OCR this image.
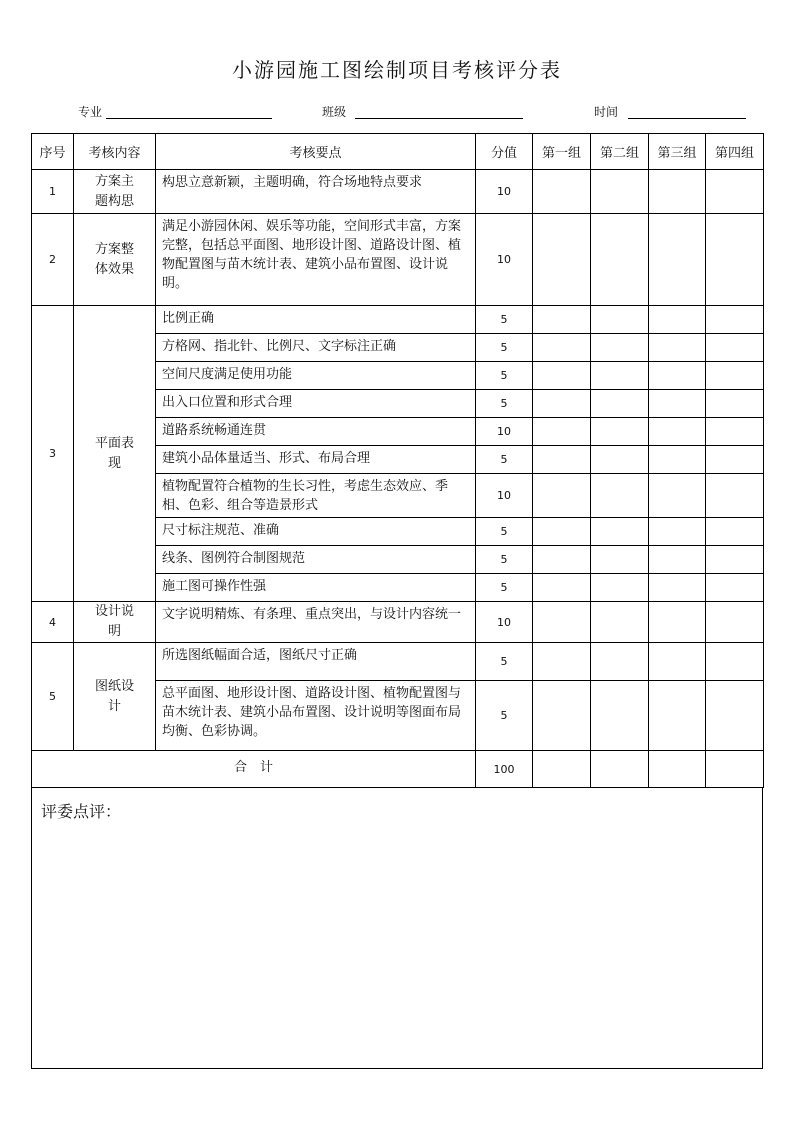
小游园施工图绘制项目考核评分表
专业	班级	时间
序号	考核内容	考核要点	分值	第一组	第二组	第三组	第四组
1	方案主题构思	构思立意新颖，主题明确，符合场地特点要求	10				
2	方案整体效果	满足小游园休闲、娱乐等功能，空间形式丰富，方案完整，包括总平面图、地形设计图、道路设计图、植物配置图与苗木统计表、建筑小品布置图、设计说明。	10				
3	平面表现	比例正确	5				
		方格网、指北针、比例尺、文字标注正确	5				
		空间尺度满足使用功能	5				
		出入口位置和形式合理	5				
		道路系统畅通连贯	10				
		建筑小品体量适当、形式、布局合理	5				
		植物配置符合植物的生长习性，考虑生态效应、季相、色彩、组合等造景形式	10				
		尺寸标注规范、准确	5				
		线条、图例符合制图规范	5				
		施工图可操作性强	5				
4	设计说明	文字说明精炼、有条理、重点突出，与设计内容统一	10				
5	图纸设计	所选图纸幅面合适，图纸尺寸正确	5				
		总平面图、地形设计图、道路设计图、植物配置图与苗木统计表、建筑小品布置图、设计说明等图面布局均衡、色彩协调。	5				
合　计			100				
评委点评：
